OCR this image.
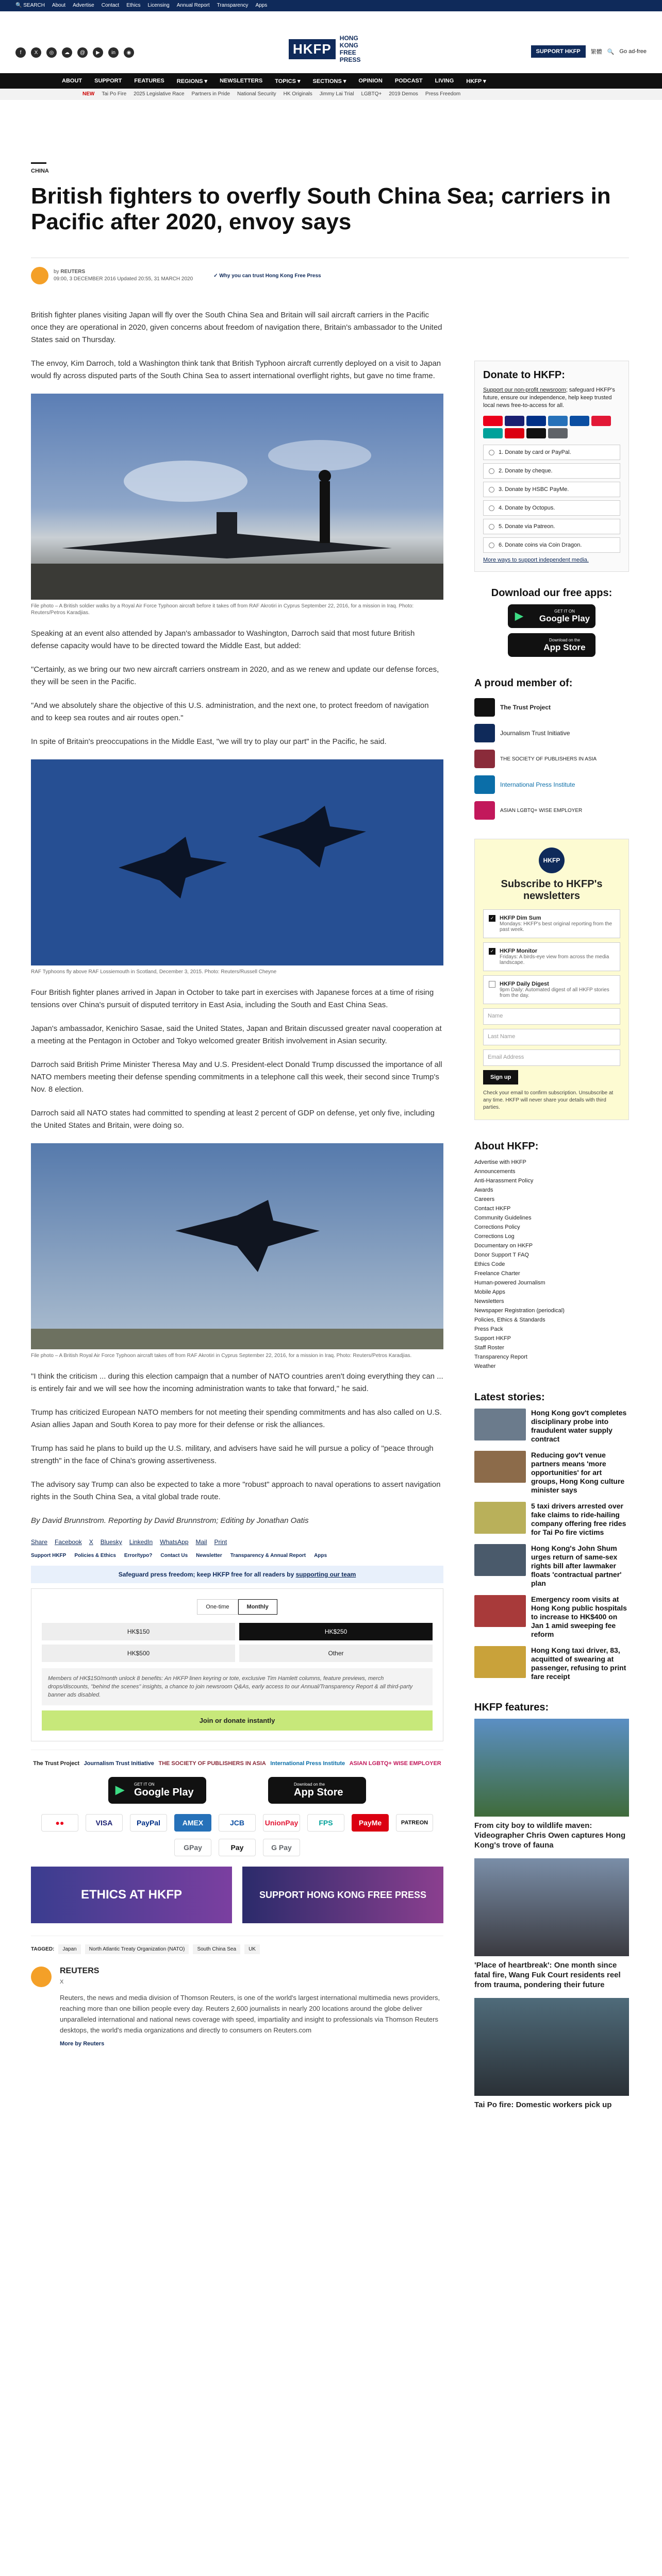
🔍 SEARCH About Advertise Contact Ethics Licensing Annual Report Transparency Apps
f	X	◎	☁	@	▶	in	◉	HKFP
HONG KONG
FREE PRESS
SUPPORT HKFP	繁體 🔍 Go ad-free
ABOUT SUPPORT FEATURES REGIONS ▾ NEWSLETTERS TOPICS ▾ SECTIONS ▾ OPINION PODCAST LIVING HKFP ▾
NEW Tai Po Fire 2025 Legislative Race Partners in Pride National Security HK Originals Jimmy Lai Trial LGBTQ+ 2019 Demos Press Freedom
CHINA
British fighters to overfly South China Sea; carriers in Pacific after 2020, envoy says
by REUTERS
09:00, 3 DECEMBER 2016 Updated 20:55, 31 MARCH 2020
✓ Why you can trust Hong Kong Free Press

British fighter planes visiting Japan will fly over the South China Sea and Britain will sail aircraft carriers in the Pacific once they are operational in 2020, given concerns about freedom of navigation there, Britain's ambassador to the United States said on Thursday.

The envoy, Kim Darroch, told a Washington think tank that British Typhoon aircraft currently deployed on a visit to Japan would fly across disputed parts of the South China Sea to assert international overflight rights, but gave no time frame.

File photo – A British soldier walks by a Royal Air Force Typhoon aircraft before it takes off from RAF Akrotiri in Cyprus September 22, 2016, for a mission in Iraq. Photo: Reuters/Petros Karadjias.

Speaking at an event also attended by Japan's ambassador to Washington, Darroch said that most future British defense capacity would have to be directed toward the Middle East, but added:

"Certainly, as we bring our two new aircraft carriers onstream in 2020, and as we renew and update our defense forces, they will be seen in the Pacific.

"And we absolutely share the objective of this U.S. administration, and the next one, to protect freedom of navigation and to keep sea routes and air routes open."

In spite of Britain's preoccupations in the Middle East, "we will try to play our part" in the Pacific, he said.

RAF Typhoons fly above RAF Lossiemouth in Scotland, December 3, 2015. Photo: Reuters/Russell Cheyne

Four British fighter planes arrived in Japan in October to take part in exercises with Japanese forces at a time of rising tensions over China's pursuit of disputed territory in East Asia, including the South and East China Seas.

Japan's ambassador, Kenichiro Sasae, said the United States, Japan and Britain discussed greater naval cooperation at a meeting at the Pentagon in October and Tokyo welcomed greater British involvement in Asian security.

Darroch said British Prime Minister Theresa May and U.S. President-elect Donald Trump discussed the importance of all NATO members meeting their defense spending commitments in a telephone call this week, their second since Trump's Nov. 8 election.

Darroch said all NATO states had committed to spending at least 2 percent of GDP on defense, yet only five, including the United States and Britain, were doing so.

File photo – A British Royal Air Force Typhoon aircraft takes off from RAF Akrotiri in Cyprus September 22, 2016, for a mission in Iraq. Photo: Reuters/Petros Karadjias.

"I think the criticism ... during this election campaign that a number of NATO countries aren't doing everything they can ... is entirely fair and we will see how the incoming administration wants to take that forward," he said.

Trump has criticized European NATO members for not meeting their spending commitments and has also called on U.S. Asian allies Japan and South Korea to pay more for their defense or risk the alliances.

Trump has said he plans to build up the U.S. military, and advisers have said he will pursue a policy of "peace through strength" in the face of China's growing assertiveness.

The advisory say Trump can also be expected to take a more "robust" approach to naval operations to assert navigation rights in the South China Sea, a vital global trade route.

By David Brunnstrom. Reporting by David Brunnstrom; Editing by Jonathan Oatis

Share Facebook X Bluesky LinkedIn WhatsApp Mail Print
Support HKFP Policies & Ethics Error/typo? Contact Us Newsletter Transparency & Annual Report Apps
Safeguard press freedom; keep HKFP free for all readers by supporting our team
One-time	Monthly
HK$150	HK$250
HK$500	Other
Members of HK$150/month unlock 8 benefits: An HKFP linen keyring or tote, exclusive Tim Hamlett columns, feature previews, merch drops/discounts, "behind the scenes" insights, a chance to join newsroom Q&As, early access to our Annual/Transparency Report & all third-party banner ads disabled.
Join or donate instantly
The Trust Project Journalism Trust Initiative THE SOCIETY OF PUBLISHERS IN ASIA International Press Institute ASIAN LGBTQ+ WISE EMPLOYER
GET IT ON
Google Play
▶	Download on the
App Store
●●	VISA	PayPal	AMEX	JCB	UnionPay	FPS	PayMe	PATREON
GPay	Pay	G Pay
ETHICS AT HKFP	SUPPORT HONG KONG FREE PRESS
TAGGED:	Japan	North Atlantic Treaty Organization (NATO)	South China Sea	UK
REUTERS
X
Reuters, the news and media division of Thomson Reuters, is one of the world's largest international multimedia news providers, reaching more than one billion people every day. Reuters 2,600 journalists in nearly 200 locations around the globe deliver unparalleled international and national news coverage with speed, impartiality and insight to professionals via Thomson Reuters desktops, the world's media organizations and directly to consumers on Reuters.com
More by Reuters
Donate to HKFP:
Support our non-profit newsroom; safeguard HKFP's future, ensure our independence, help keep trusted local news free-to-access for all.
1. Donate by card or PayPal.
2. Donate by cheque.
3. Donate by HSBC PayMe.
4. Donate by Octopus.
5. Donate via Patreon.
6. Donate coins via Coin Dragon.
More ways to support independent media.
Download our free apps:
GET IT ON
Google Play
▶
Download on the
App Store
A proud member of:
The Trust Project
Journalism Trust Initiative
THE SOCIETY OF PUBLISHERS IN ASIA
International Press Institute
ASIAN LGBTQ+ WISE EMPLOYER
HKFP
Subscribe to HKFP's newsletters
✓ HKFP Dim Sum
Mondays: HKFP's best original reporting from the past week.
✓ HKFP Monitor
Fridays: A birds-eye view from across the media landscape.
HKFP Daily Digest
9pm Daily: Automated digest of all HKFP stories from the day.
Name
Last Name
Email Address
Sign up
Check your email to confirm subscription. Unsubscribe at any time. HKFP will never share your details with third parties.
About HKFP:
Advertise with HKFP
Announcements
Anti-Harassment Policy
Awards
Careers
Contact HKFP
Community Guidelines
Corrections Policy
Corrections Log
Documentary on HKFP
Donor Support T FAQ
Ethics Code
Freelance Charter
Human-powered Journalism
Mobile Apps
Newsletters
Newspaper Registration (periodical)
Policies, Ethics & Standards
Press Pack
Support HKFP
Staff Roster
Transparency Report
Weather
Latest stories:
Hong Kong gov't completes disciplinary probe into fraudulent water supply contract
Reducing gov't venue partners means 'more opportunities' for art groups, Hong Kong culture minister says
5 taxi drivers arrested over fake claims to ride-hailing company offering free rides for Tai Po fire victims
Hong Kong's John Shum urges return of same-sex rights bill after lawmaker floats 'contractual partner' plan
Emergency room visits at Hong Kong public hospitals to increase to HK$400 on Jan 1 amid sweeping fee reform
Hong Kong taxi driver, 83, acquitted of swearing at passenger, refusing to print fare receipt
HKFP features:
From city boy to wildlife maven: Videographer Chris Owen captures Hong Kong's trove of fauna
'Place of heartbreak': One month since fatal fire, Wang Fuk Court residents reel from trauma, pondering their future
Tai Po fire: Domestic workers pick up
